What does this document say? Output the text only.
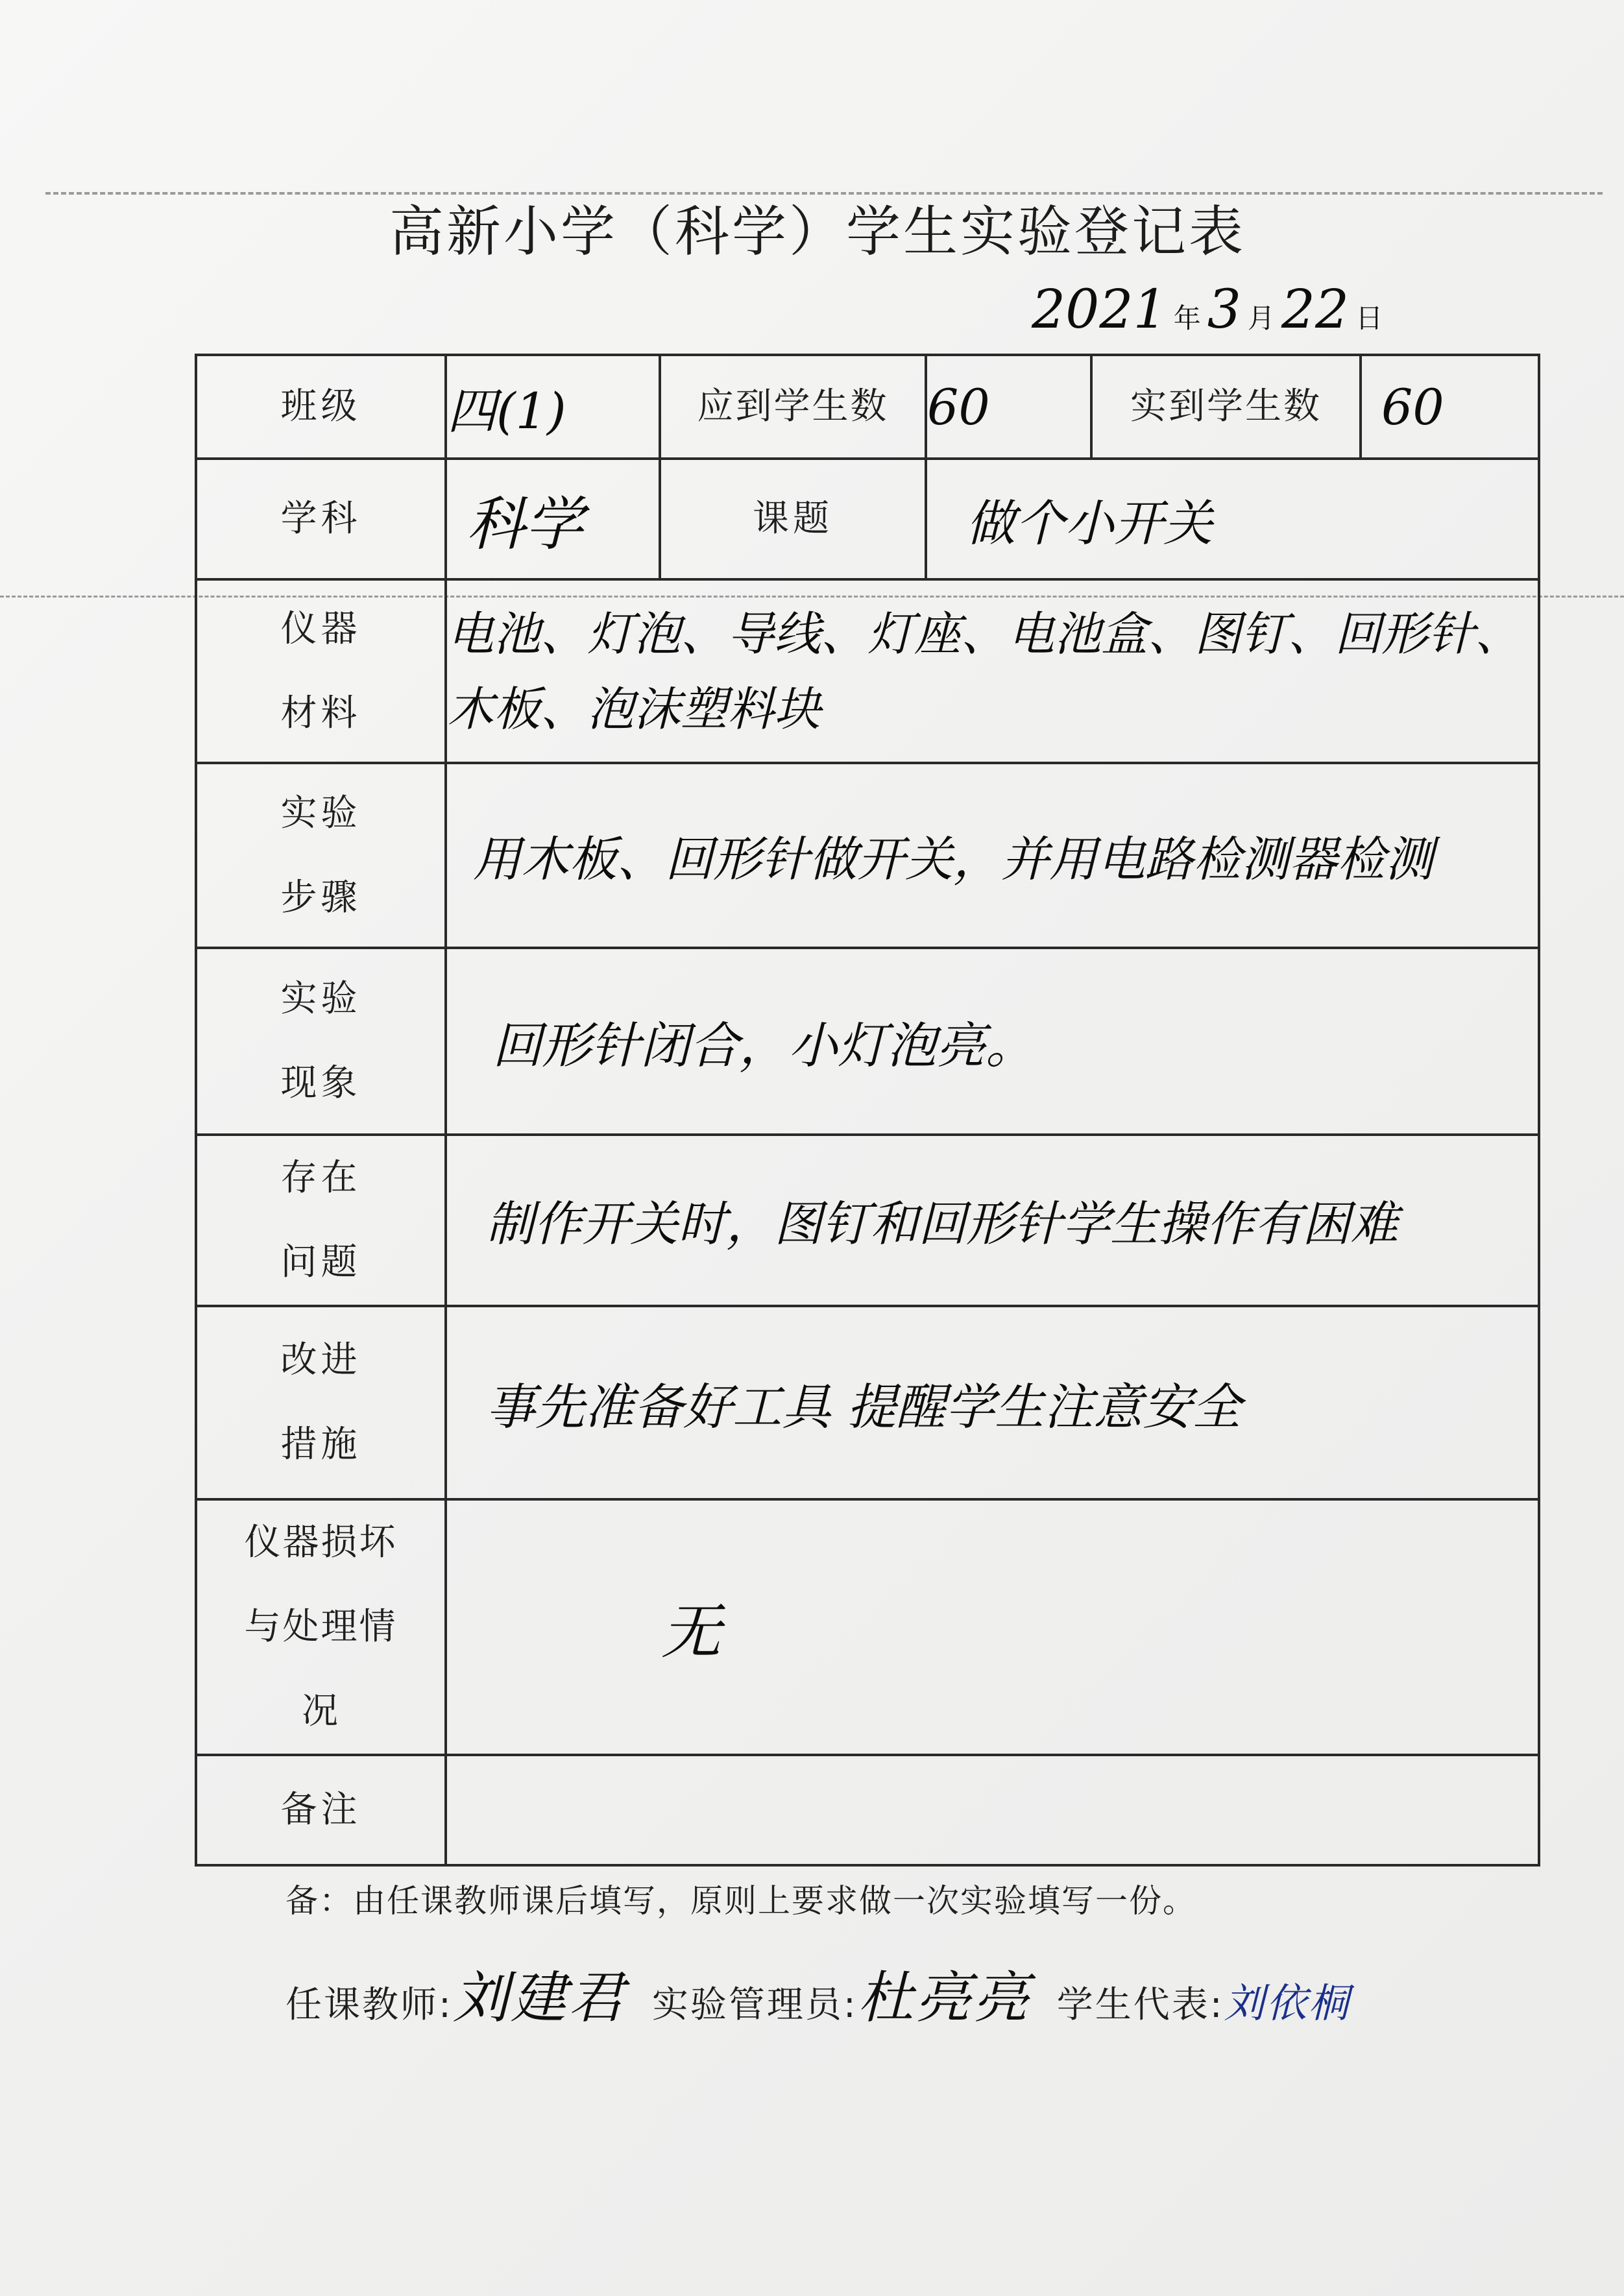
高新小学（科学）学生实验登记表
2021 年 3 月 22 日
班级	四(1)	应到学生数	60	实到学生数	60
学科	科学	课题	做个小开关		

仪器
材料	电池、灯泡、导线、灯座、电池盒、图钉、回形针、木板、泡沫塑料块				

实验
步骤	用木板、回形针做开关，并用电路检测器检测				

实验
现象	回形针闭合，小灯泡亮。				

存在
问题	制作开关时，图钉和回形针学生操作有困难				

改进
措施	事先准备好工具 提醒学生注意安全				

仪器损坏
与处理情
况	无				
备注					
备：由任课教师课后填写，原则上要求做一次实验填写一份。
任课教师:刘建君 实验管理员:杜亮亮 学生代表:刘依桐
